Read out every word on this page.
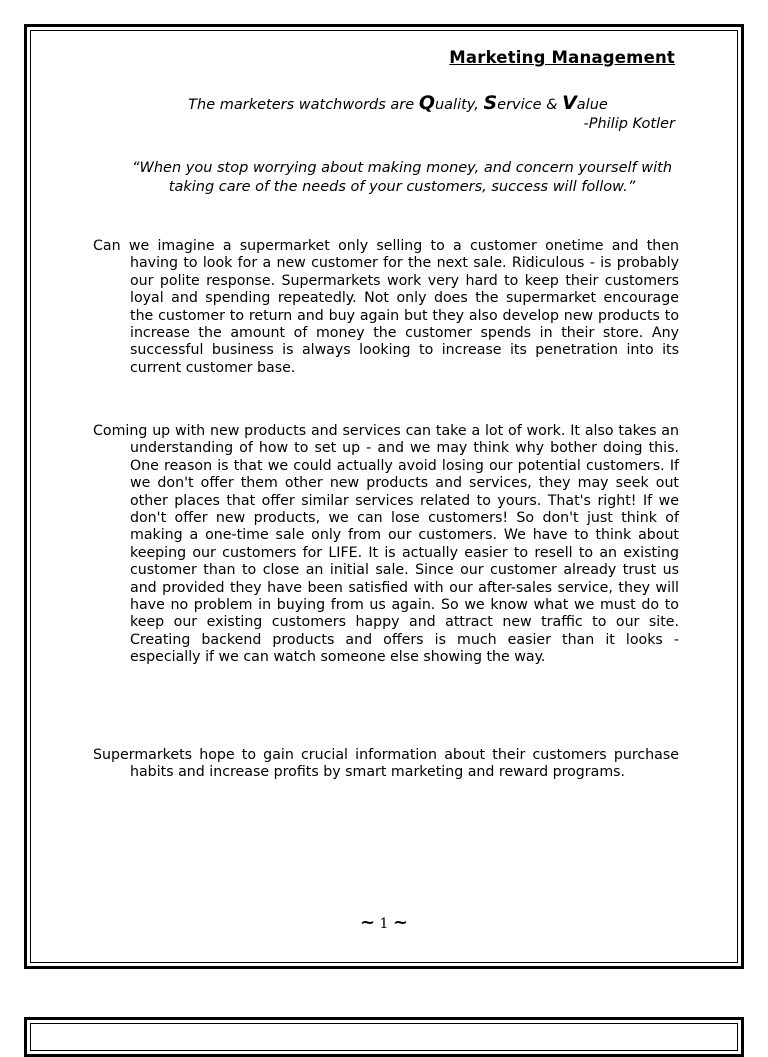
Marketing Management
The marketers watchwords are Quality, Service & Value
-Philip Kotler
“When you stop worrying about making money, and concern yourself with taking care of the needs of your customers, success will follow.”

Can we imagine a supermarket only selling to a customer onetime and then having to look for a new customer for the next sale. Ridiculous - is probably our polite response. Supermarkets work very hard to keep their customers loyal and spending repeatedly. Not only does the supermarket encourage the customer to return and buy again but they also develop new products to increase the amount of money the customer spends in their store. Any successful business is always looking to increase its penetration into its current customer base.

Coming up with new products and services can take a lot of work. It also takes an understanding of how to set up - and we may think why bother doing this. One reason is that we could actually avoid losing our potential customers. If we don't offer them other new products and services, they may seek out other places that offer similar services related to yours. That's right! If we don't offer new products, we can lose customers! So don't just think of making a one-time sale only from our customers. We have to think about keeping our customers for LIFE. It is actually easier to resell to an existing customer than to close an initial sale. Since our customer already trust us and provided they have been satisfied with our after-sales service, they will have no problem in buying from us again. So we know what we must do to keep our existing customers happy and attract new traffic to our site. Creating backend products and offers is much easier than it looks - especially if we can watch someone else showing the way.

Supermarkets hope to gain crucial information about their customers purchase habits and increase profits by smart marketing and reward programs.

~ 1 ~
